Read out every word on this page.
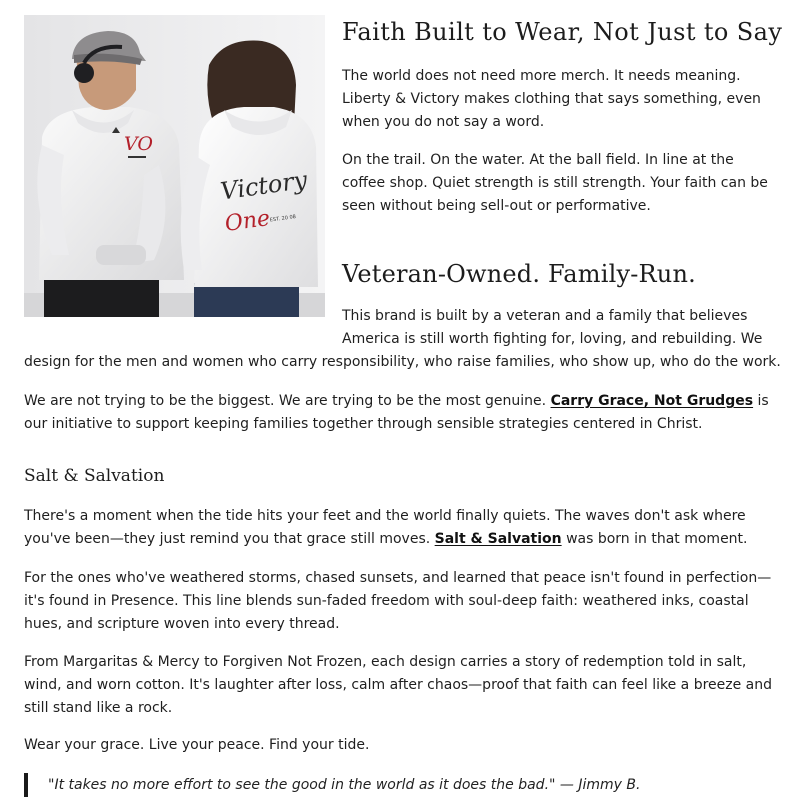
VO
Victory
One
EST. 20 08
Faith Built to Wear, Not Just to Say

The world does not need more merch. It needs meaning. Liberty & Victory makes clothing that says something, even when you do not say a word.

On the trail. On the water. At the ball field. In line at the coffee shop. Quiet strength is still strength. Your faith can be seen without being sell-out or performative.

Veteran-Owned. Family-Run.

This brand is built by a veteran and a family that believes America is still worth fighting for, loving, and rebuilding. We

design for the men and women who carry responsibility, who raise families, who show up, who do the work.

We are not trying to be the biggest. We are trying to be the most genuine. Carry Grace, Not Grudges is our initiative to support keeping families together through sensible strategies centered in Christ.

Salt & Salvation

There's a moment when the tide hits your feet and the world finally quiets. The waves don't ask where you've been—they just remind you that grace still moves. Salt & Salvation was born in that moment.

For the ones who've weathered storms, chased sunsets, and learned that peace isn't found in perfection—it's found in Presence. This line blends sun-faded freedom with soul-deep faith: weathered inks, coastal hues, and scripture woven into every thread.

From Margaritas & Mercy to Forgiven Not Frozen, each design carries a story of redemption told in salt, wind, and worn cotton. It's laughter after loss, calm after chaos—proof that faith can feel like a breeze and still stand like a rock.

Wear your grace. Live your peace. Find your tide.

"It takes no more effort to see the good in the world as it does the bad." — Jimmy B.
